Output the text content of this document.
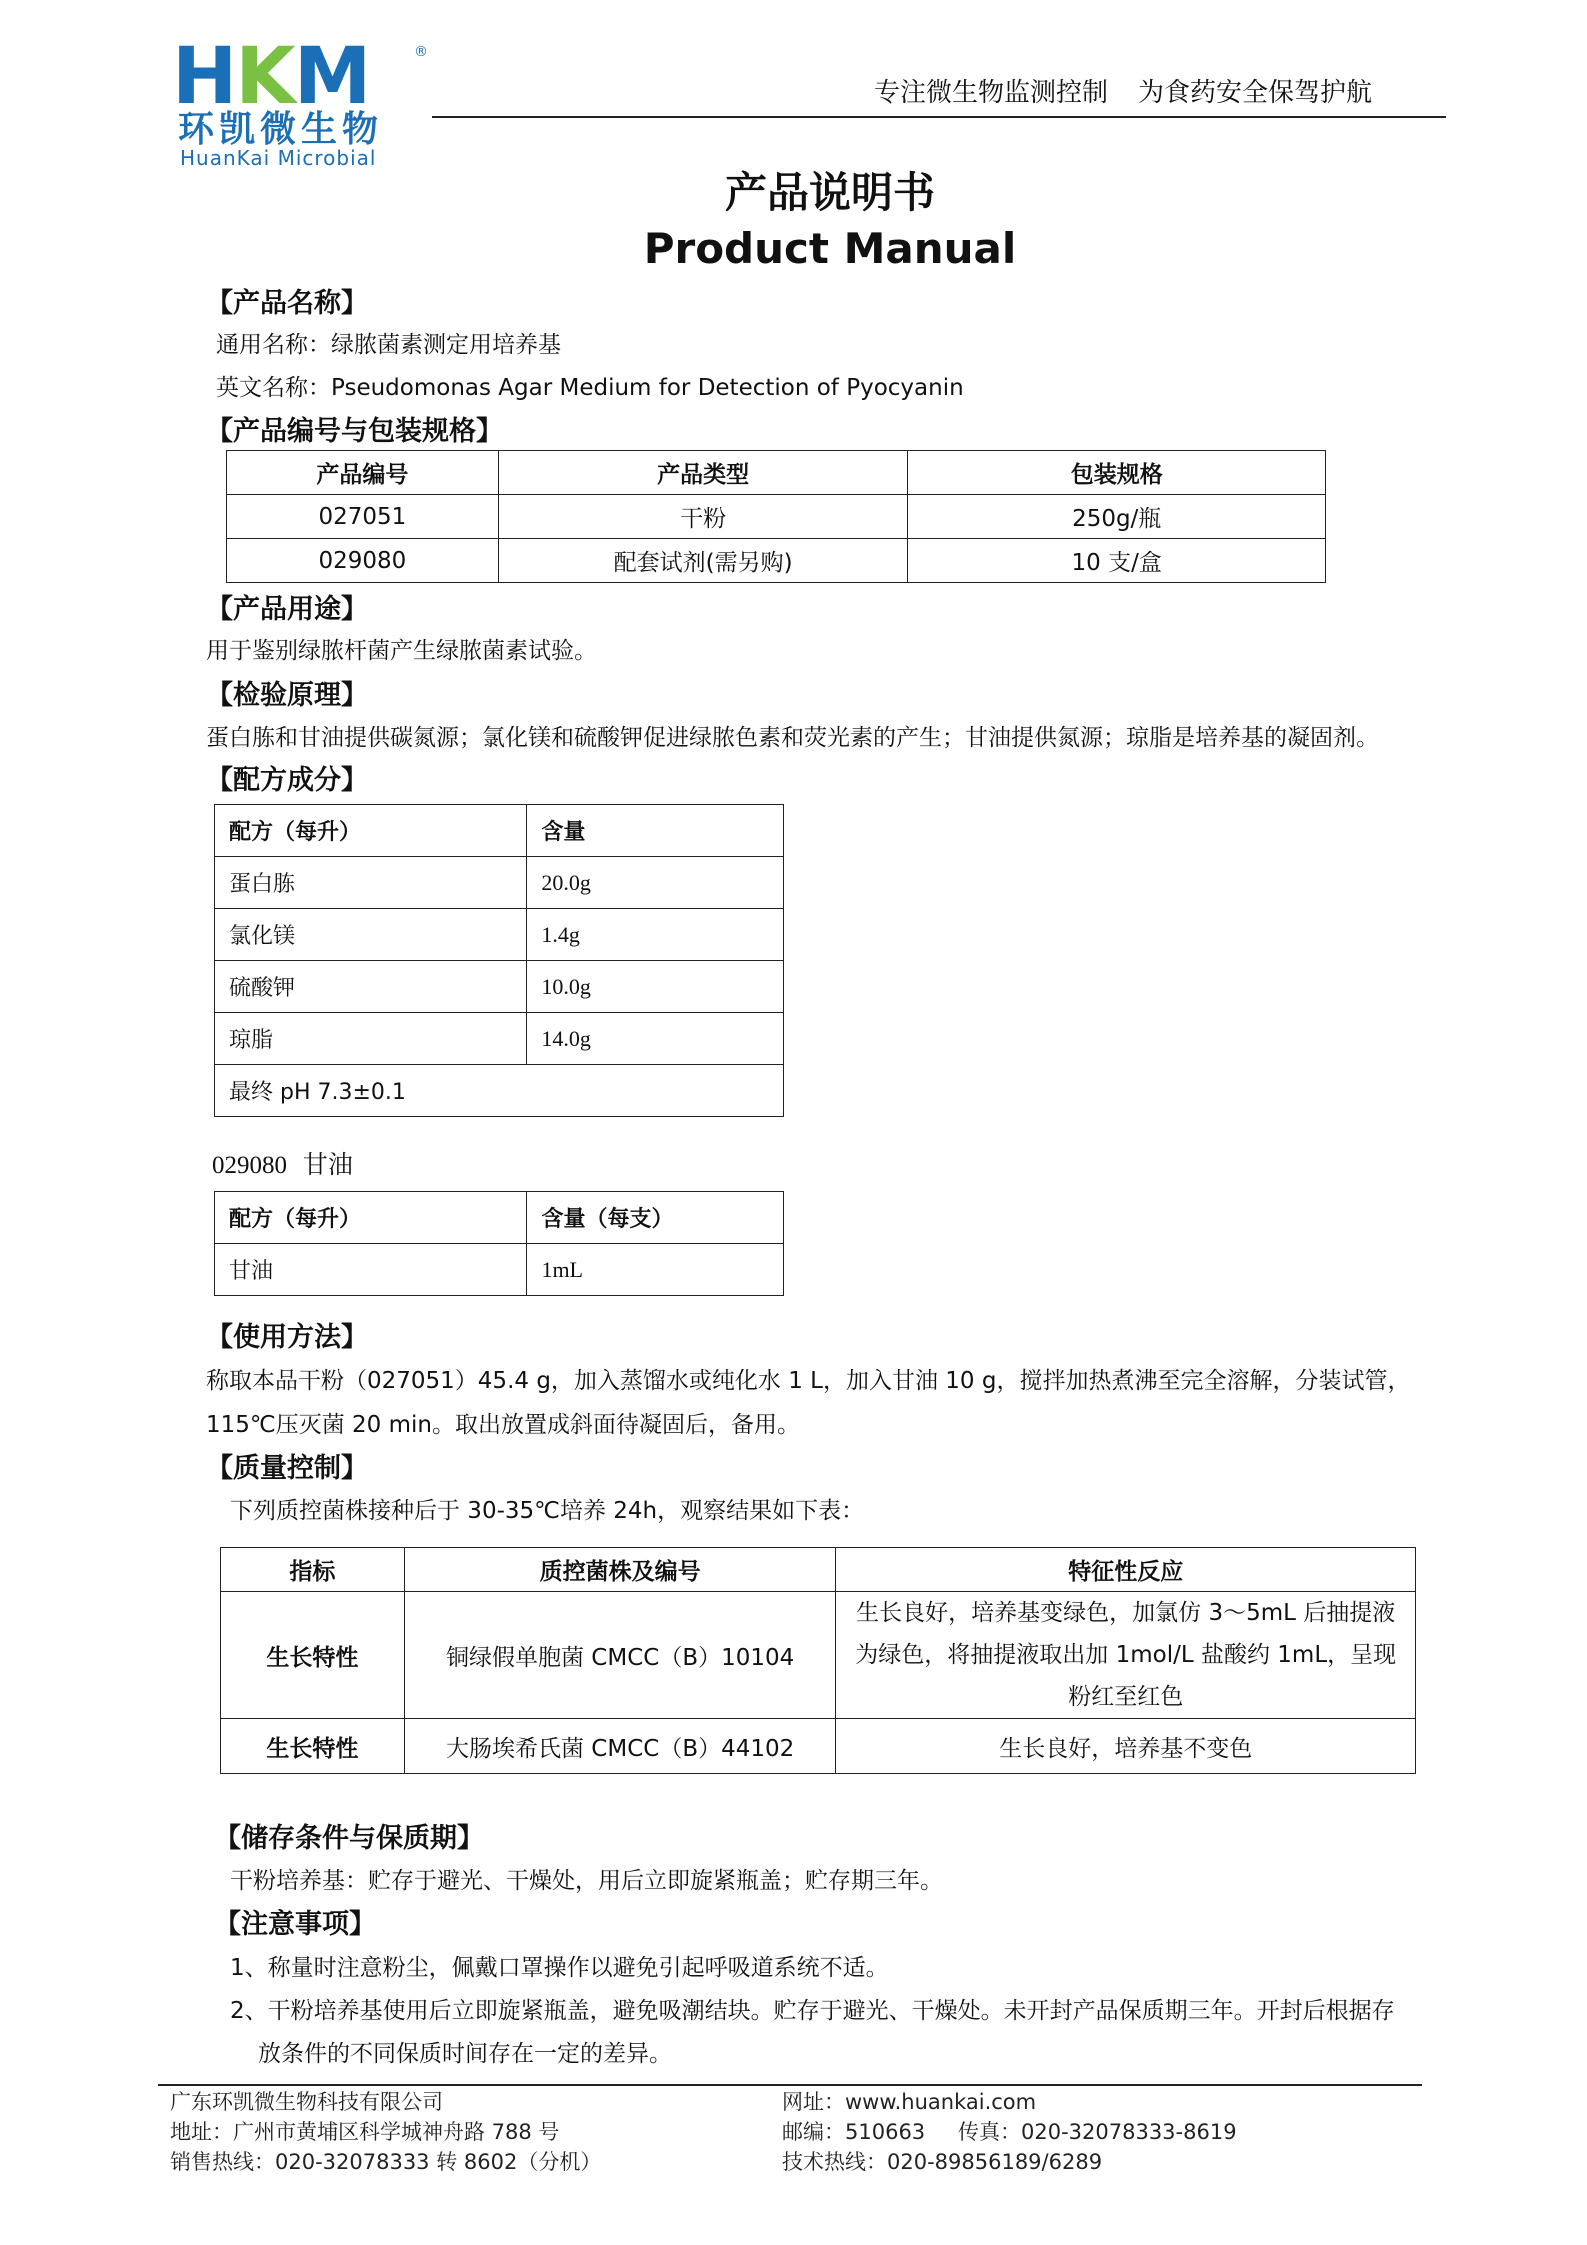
HKM	®
环凯微生物
HuanKai Microbial
专注微生物监测控制 为食药安全保驾护航
产品说明书
Product Manual
【产品名称】
通用名称：绿脓菌素测定用培养基
英文名称：Pseudomonas Agar Medium for Detection of Pyocyanin
【产品编号与包装规格】
产品编号	产品类型	包装规格
027051	干粉	250g/瓶
029080	配套试剂(需另购)	10 支/盒
【产品用途】
用于鉴别绿脓杆菌产生绿脓菌素试验。
【检验原理】
蛋白胨和甘油提供碳氮源；氯化镁和硫酸钾促进绿脓色素和荧光素的产生；甘油提供氮源；琼脂是培养基的凝固剂。
【配方成分】
配方（每升）	含量
蛋白胨	20.0g
氯化镁	1.4g
硫酸钾	10.0g
琼脂	14.0g
最终 pH 7.3±0.1	
029080 甘油
配方（每升）	含量（每支）
甘油	1mL
【使用方法】
称取本品干粉（027051）45.4 g，加入蒸馏水或纯化水 1 L，加入甘油 10 g，搅拌加热煮沸至完全溶解，分装试管，
115℃压灭菌 20 min。取出放置成斜面待凝固后，备用。
【质量控制】
下列质控菌株接种后于 30-35℃培养 24h，观察结果如下表：
指标	质控菌株及编号	特征性反应
生长特性	铜绿假单胞菌 CMCC（B）10104	生长良好，培养基变绿色，加氯仿 3～5mL 后抽提液
为绿色，将抽提液取出加 1mol/L 盐酸约 1mL，呈现
粉红至红色

生长特性	大肠埃希氏菌 CMCC（B）44102	生长良好，培养基不变色
【储存条件与保质期】
干粉培养基：贮存于避光、干燥处，用后立即旋紧瓶盖；贮存期三年。
【注意事项】
1、称量时注意粉尘，佩戴口罩操作以避免引起呼吸道系统不适。
2、干粉培养基使用后立即旋紧瓶盖，避免吸潮结块。贮存于避光、干燥处。未开封产品保质期三年。开封后根据存
放条件的不同保质时间存在一定的差异。
广东环凯微生物科技有限公司
地址：广州市黄埔区科学城神舟路 788 号
销售热线：020-32078333 转 8602（分机）
网址：www.huankai.com
邮编：510663 传真：020-32078333-8619
技术热线：020-89856189/6289
